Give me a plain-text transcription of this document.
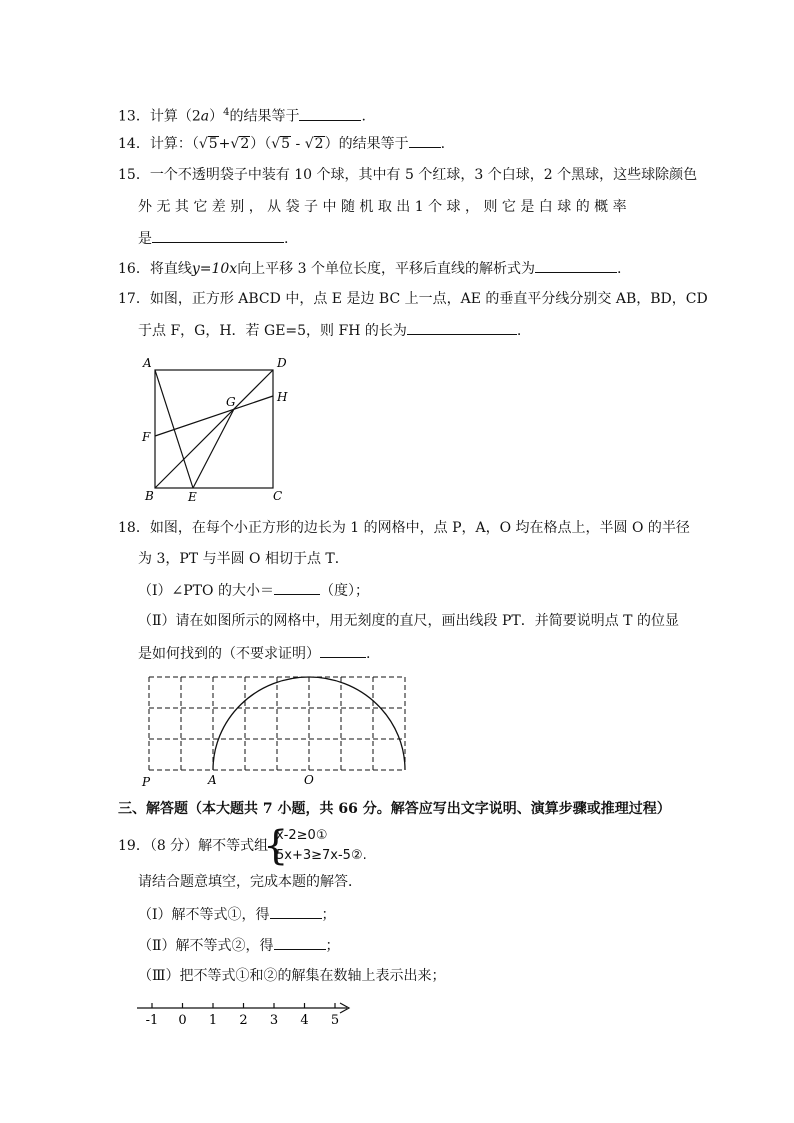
13．计算$(2a)^4$的结果等于	.
14．计算：（√5+√2）（√5 - √2）的结果等于 .
15．一个不透明袋子中装有 10 个球，其中有 5 个红球，3 个白球，2 个黑球，这些球除颜色
外 无 其 它 差 别 ， 从 袋 子 中 随 机 取 出 1 个 球 ， 则 它 是 白 球 的 概 率
是	.
16．将直线y=10x向上平移 3 个单位长度，平移后直线的解析式为	.
17．如图，正方形 ABCD 中，点 E 是边 BC 上一点，AE 的垂直平分线分别交 AB，BD，CD
于点 F，G，H．若 GE=5，则 FH 的长为	.
A	D
G	H
F
B	E	C
18．如图，在每个小正方形的边长为 1 的网格中，点 P，A，O 均在格点上，半圆 O 的半径
为 3，PT 与半圆 O 相切于点 T．
（Ⅰ）∠PTO 的大小＝	（度）；
（Ⅱ）请在如图所示的网格中，用无刻度的直尺，画出线段 PT．并简要说明点 T 的位显
是如何找到的（不要求证明）	.
P	A	O
三、解答题（本大题共 7 小题，共 66 分。解答应写出文字说明、演算步骤或推理过程）
19．（8 分）解不等式组
{
x-2≥0①
5x+3≥7x-5②.
请结合题意填空，完成本题的解答．
（Ⅰ）解不等式①，得	；
（Ⅱ）解不等式②，得	；
（Ⅲ）把不等式①和②的解集在数轴上表示出来；
-1 0 1 2 3 4 5
